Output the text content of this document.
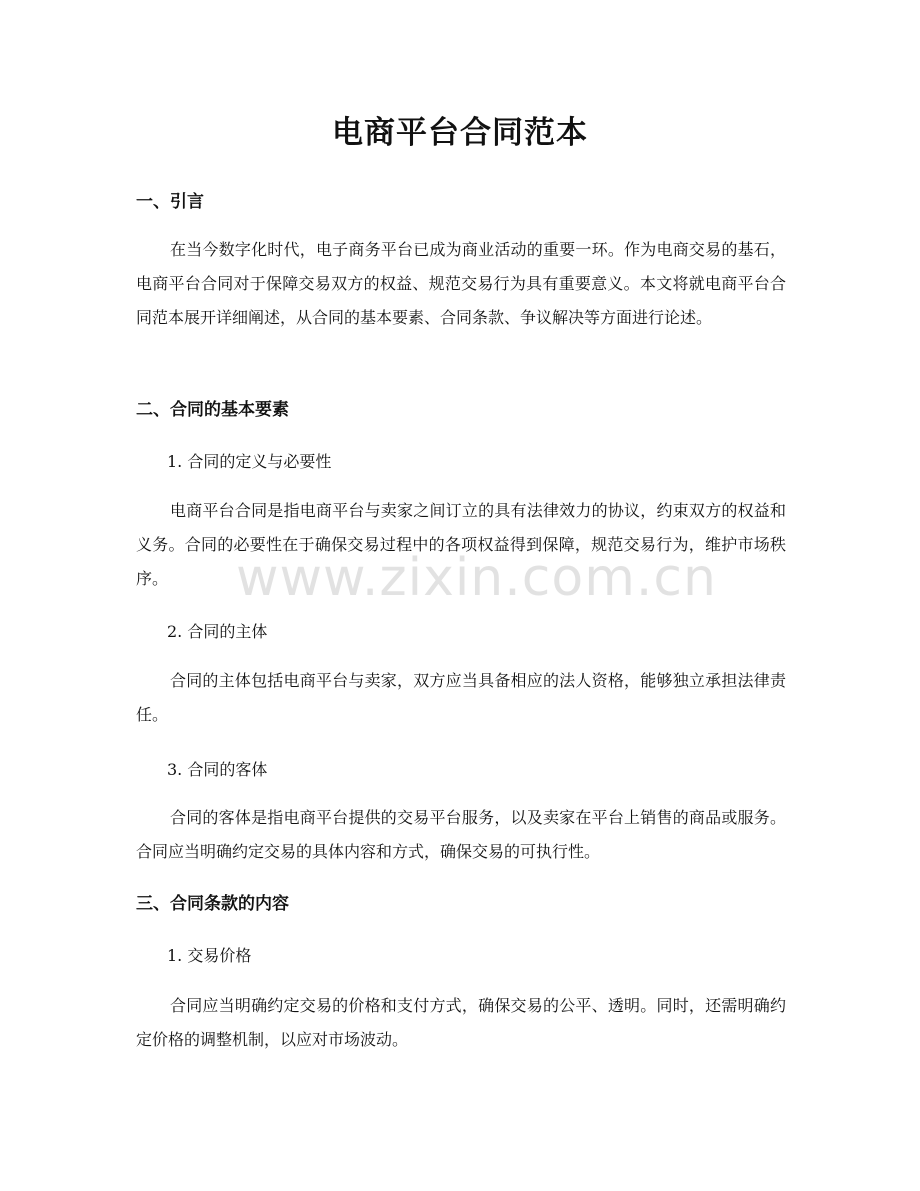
电商平台合同范本
一、引言

在当今数字化时代，电子商务平台已成为商业活动的重要一环。作为电商交易的基石，电商平台合同对于保障交易双方的权益、规范交易行为具有重要意义。本文将就电商平台合同范本展开详细阐述，从合同的基本要素、合同条款、争议解决等方面进行论述。

二、合同的基本要素

1. 合同的定义与必要性

电商平台合同是指电商平台与卖家之间订立的具有法律效力的协议，约束双方的权益和义务。合同的必要性在于确保交易过程中的各项权益得到保障，规范交易行为，维护市场秩序。

2. 合同的主体

合同的主体包括电商平台与卖家，双方应当具备相应的法人资格，能够独立承担法律责任。

3. 合同的客体

合同的客体是指电商平台提供的交易平台服务，以及卖家在平台上销售的商品或服务。合同应当明确约定交易的具体内容和方式，确保交易的可执行性。

三、合同条款的内容

1. 交易价格

合同应当明确约定交易的价格和支付方式，确保交易的公平、透明。同时，还需明确约定价格的调整机制，以应对市场波动。

www.zixin.com.cn
